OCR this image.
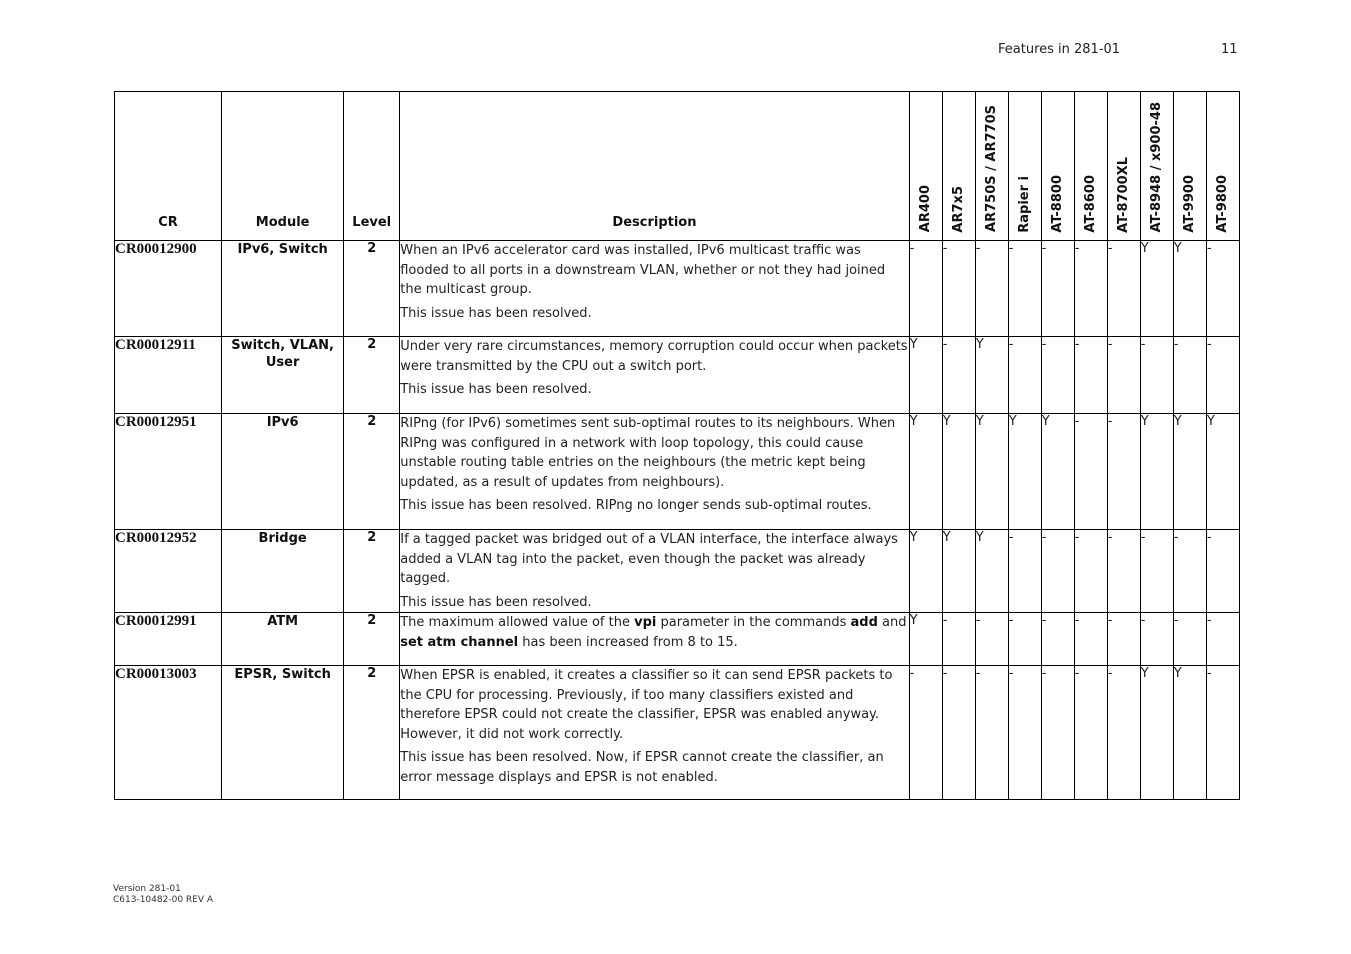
Features in 281-01	11
CR	Module	Level	Description	AR400	AR7x5	AR750S / AR770S	Rapier i	AT-8800	AT-8600	AT-8700XL	AT-8948 / x900-48	AT-9900	AT-9800

CR00012900	IPv6, Switch	2	When an IPv6 accelerator card was installed, IPv6 multicast traffic was flooded to all ports in a downstream VLAN, whether or not they had joined the multicast group.

This issue has been resolved.	-	-	-	-	-	-	-	Y	Y	-
CR00012911	Switch, VLAN, User	2	Under very rare circumstances, memory corruption could occur when packets were transmitted by the CPU out a switch port.

This issue has been resolved.	Y	-	Y	-	-	-	-	-	-	-
CR00012951	IPv6	2	RIPng (for IPv6) sometimes sent sub-optimal routes to its neighbours. When RIPng was configured in a network with loop topology, this could cause unstable routing table entries on the neighbours (the metric kept being updated, as a result of updates from neighbours).

This issue has been resolved. RIPng no longer sends sub-optimal routes.	Y	Y	Y	Y	Y	-	-	Y	Y	Y
CR00012952	Bridge	2	If a tagged packet was bridged out of a VLAN interface, the interface always added a VLAN tag into the packet, even though the packet was already tagged.

This issue has been resolved.	Y	Y	Y	-	-	-	-	-	-	-
CR00012991	ATM	2	The maximum allowed value of the vpi parameter in the commands add and set atm channel has been increased from 8 to 15.	Y	-	-	-	-	-	-	-	-	-
CR00013003	EPSR, Switch	2	When EPSR is enabled, it creates a classifier so it can send EPSR packets to the CPU for processing. Previously, if too many classifiers existed and therefore EPSR could not create the classifier, EPSR was enabled anyway. However, it did not work correctly.

This issue has been resolved. Now, if EPSR cannot create the classifier, an error message displays and EPSR is not enabled.	-	-	-	-	-	-	-	Y	Y	-
Version 281-01
C613-10482-00 REV A
